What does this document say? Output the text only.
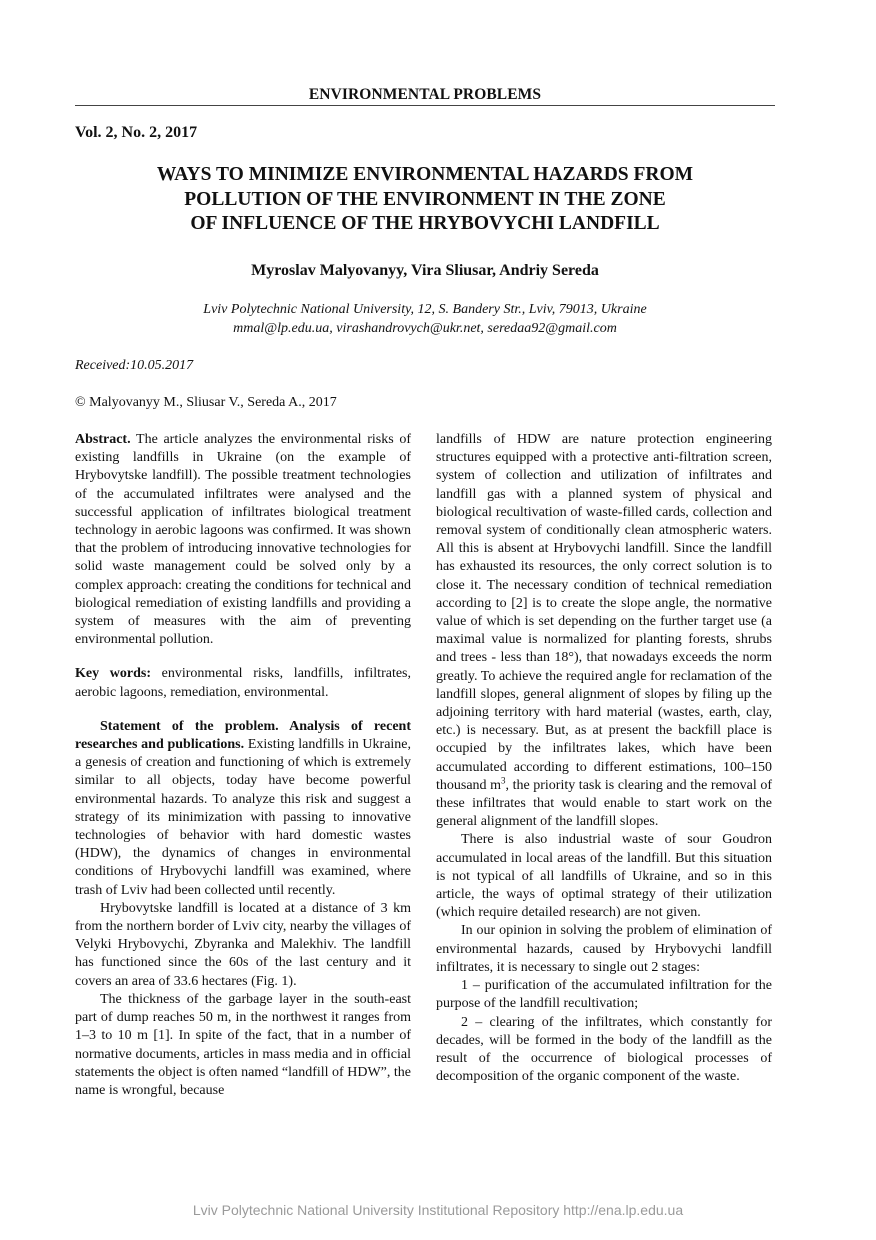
ENVIRONMENTAL PROBLEMS
Vol. 2, No. 2, 2017
WAYS TO MINIMIZE ENVIRONMENTAL HAZARDS FROM
POLLUTION OF THE ENVIRONMENT IN THE ZONE
OF INFLUENCE OF THE HRYBOVYCHI LANDFILL
Myroslav Malyovanyy, Vira Sliusar, Andriy Sereda
Lviv Polytechnic National University, 12, S. Bandery Str., Lviv, 79013, Ukraine
mmal@lp.edu.ua, virashandrovych@ukr.net, seredaa92@gmail.com
Received:10.05.2017
© Malyovanyy M., Sliusar V., Sereda A., 2017

Abstract. The article analyzes the environmental risks of existing landfills in Ukraine (on the example of Hrybovytske landfill). The possible treatment technologies of the accumulated infiltrates were analysed and the successful application of infiltrates biological treatment technology in aerobic lagoons was confirmed. It was shown that the problem of introducing innovative technologies for solid waste management could be solved only by a complex approach: creating the conditions for technical and biological remediation of existing landfills and providing a system of measures with the aim of preventing environmental pollution.

Key words: environmental risks, landfills, infiltrates, aerobic lagoons, remediation, environmental.

Statement of the problem. Analysis of recent researches and publications. Existing landfills in Ukraine, a genesis of creation and functioning of which is extremely similar to all objects, today have become powerful environmental hazards. To analyze this risk and suggest a strategy of its minimization with passing to innovative technologies of behavior with hard domestic wastes (HDW), the dynamics of changes in environmental conditions of Hrybovychi landfill was examined, where trash of Lviv had been collected until recently.

Hrybovytske landfill is located at a distance of 3 km from the northern border of Lviv city, nearby the villages of Velyki Hrybovychi, Zbyranka and Malekhiv. The landfill has functioned since the 60s of the last century and it covers an area of 33.6 hectares (Fig. 1).

The thickness of the garbage layer in the south-east part of dump reaches 50 m, in the northwest it ranges from 1–3 to 10 m [1]. In spite of the fact, that in a number of normative documents, articles in mass media and in official statements the object is often named “landfill of HDW”, the name is wrongful, because

landfills of HDW are nature protection engineering structures equipped with a protective anti-filtration screen, system of collection and utilization of infiltrates and landfill gas with a planned system of physical and biological recultivation of waste-filled cards, collection and removal system of conditionally clean atmospheric waters. All this is absent at Hrybovychi landfill. Since the landfill has exhausted its resources, the only correct solution is to close it. The necessary condition of technical remediation according to [2] is to create the slope angle, the normative value of which is set depending on the further target use (a maximal value is normalized for planting forests, shrubs and trees - less than 18°), that nowadays exceeds the norm greatly. To achieve the required angle for reclamation of the landfill slopes, general alignment of slopes by filing up the adjoining territory with hard material (wastes, earth, clay, etc.) is necessary. But, as at present the backfill place is occupied by the infiltrates lakes, which have been accumulated according to different estimations, 100–150 thousand $m^3$, the priority task is clearing and the removal of these infiltrates that would enable to start work on the general alignment of the landfill slopes.

There is also industrial waste of sour Goudron accumulated in local areas of the landfill. But this situation is not typical of all landfills of Ukraine, and so in this article, the ways of optimal strategy of their utilization (which require detailed research) are not given.

In our opinion in solving the problem of elimination of environmental hazards, caused by Hrybovychi landfill infiltrates, it is necessary to single out 2 stages:

1 – purification of the accumulated infiltration for the purpose of the landfill recultivation;

2 – clearing of the infiltrates, which constantly for decades, will be formed in the body of the landfill as the result of the occurrence of biological processes of decomposition of the organic component of the waste.

Lviv Polytechnic National University Institutional Repository http://ena.lp.edu.ua
